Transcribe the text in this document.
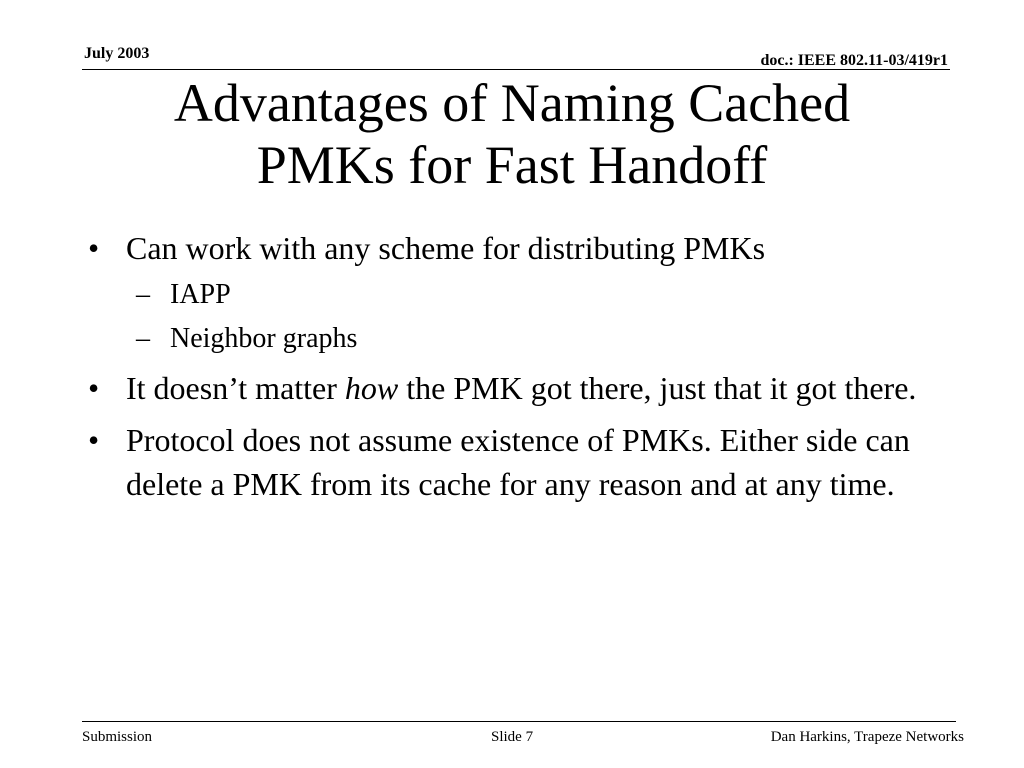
July 2003	doc.: IEEE 802.11-03/419r1
Advantages of Naming Cached
PMKs for Fast Handoff
• Can work with any scheme for distributing PMKs
– IAPP
– Neighbor graphs
• It doesn’t matter how the PMK got there, just that it got there.
• Protocol does not assume existence of PMKs. Either side can delete a PMK from its cache for any reason and at any time.
Submission	Slide 7	Dan Harkins, Trapeze Networks
